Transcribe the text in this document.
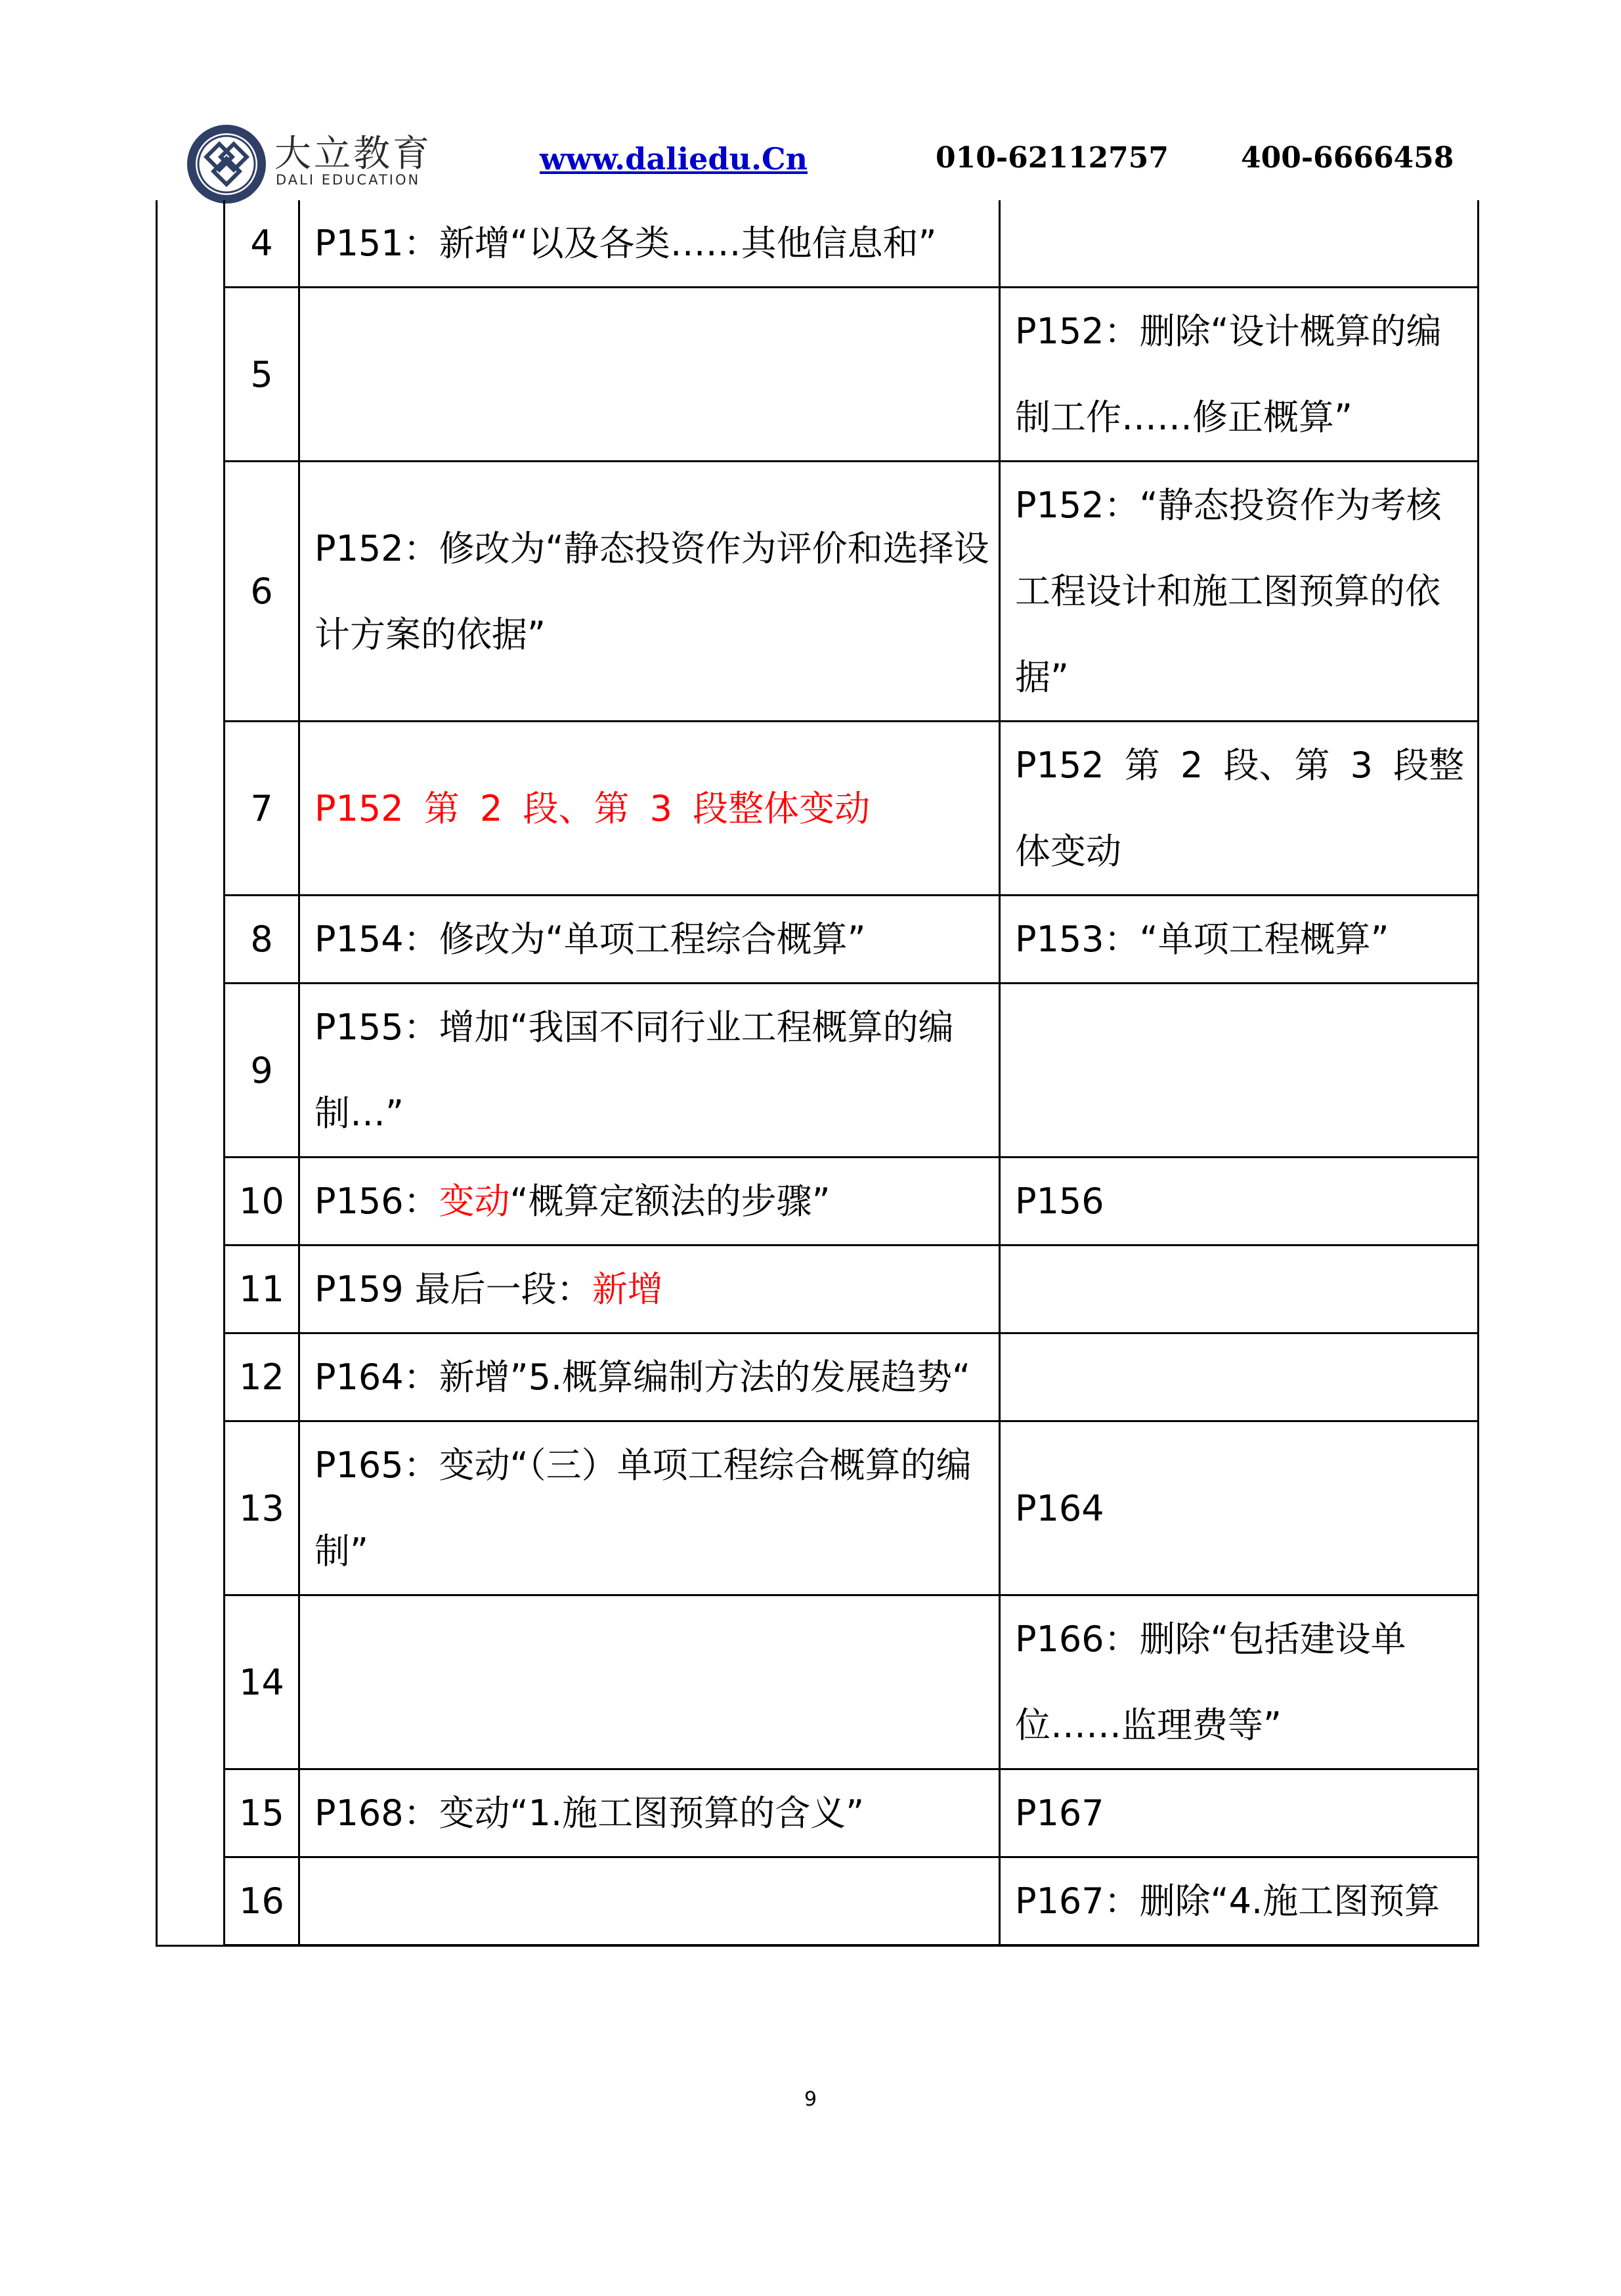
大立教育
DALI EDUCATION
www.daliedu.Cn	010-62112757 400-6666458
	4	P151：新增“以及各类……其他信息和”	
	5		P152：删除“设计概算的编制工作……修正概算”
	6	P152：修改为“静态投资作为评价和选择设计方案的依据”	P152：“静态投资作为考核工程设计和施工图预算的依据”
	7	P152 第 2 段、第 3 段整体变动	P152 第 2 段、第 3 段整体变动
	8	P154：修改为“单项工程综合概算”	P153：“单项工程概算”
	9	P155：增加“我国不同行业工程概算的编制…”	
	10	P156：变动“概算定额法的步骤”	P156
	11	P159 最后一段：新增	
	12	P164：新增”5.概算编制方法的发展趋势“	
	13	P165：变动“（三）单项工程综合概算的编制”	P164
	14		P166：删除“包括建设单位……监理费等”
	15	P168：变动“1.施工图预算的含义”	P167
	16		P167：删除“4.施工图预算
9
